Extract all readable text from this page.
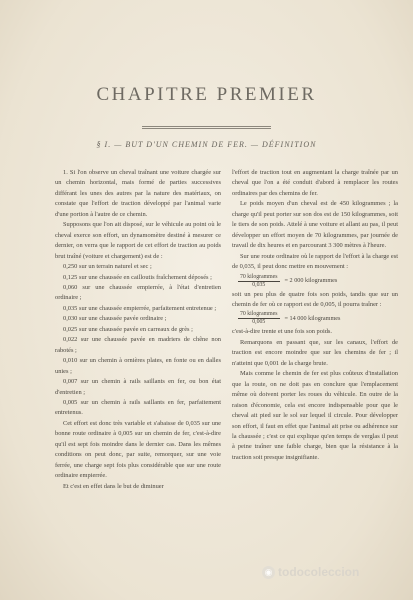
CHAPITRE PREMIER
§ I. — BUT D'UN CHEMIN DE FER. — DÉFINITION

1. Si l'on observe un cheval traînant une voiture chargée sur un chemin horizontal, mais formé de parties successives différant les unes des autres par la nature des matériaux, on constate que l'effort de traction développé par l'animal varie d'une portion à l'autre de ce chemin.

Supposons que l'on ait disposé, sur le véhicule au point où le cheval exerce son effort, un dynamomètre destiné à mesurer ce dernier, on verra que le rapport de cet effort de traction au poids brut traîné (voiture et chargement) est de :

0,250 sur un terrain naturel et sec ;

0,125 sur une chaussée en cailloutis fraîchement déposés ;

0,060 sur une chaussée empierrée, à l'état d'entretien ordinaire ;

0,035 sur une chaussée empierrée, parfaitement entretenue ;

0,030 sur une chaussée pavée ordinaire ;

0,025 sur une chaussée pavée en carreaux de grès ;

0,022 sur une chaussée pavée en madriers de chêne non rabotés ;

0,010 sur un chemin à ornières plates, en fonte ou en dalles unies ;

0,007 sur un chemin à rails saillants en fer, ou bon état d'entretien ;

0,005 sur un chemin à rails saillants en fer, parfaitement entretenus.

Cet effort est donc très variable et s'abaisse de 0,035 sur une bonne route ordinaire à 0,005 sur un chemin de fer, c'est-à-dire qu'il est sept fois moindre dans le dernier cas. Dans les mêmes conditions on peut donc, par suite, remorquer, sur une voie ferrée, une charge sept fois plus considérable que sur une route ordinaire empierrée.

Et c'est en effet dans le but de diminuer

l'effort de traction tout en augmentant la charge traînée par un cheval que l'on a été conduit d'abord à remplacer les routes ordinaires par des chemins de fer.

Le poids moyen d'un cheval est de 450 kilogrammes ; la charge qu'il peut porter sur son dos est de 150 kilogrammes, soit le tiers de son poids. Attelé à une voiture et allant au pas, il peut développer un effort moyen de 70 kilogrammes, par journée de travail de dix heures et en parcourant 3 300 mètres à l'heure.

Sur une route ordinaire où le rapport de l'effort à la charge est de 0,035, il peut donc mettre en mouvement :

$\frac{\text{70 kilogrammes}}{0,035} = 2$ 000 kilogrammes

soit un peu plus de quatre fois son poids, tandis que sur un chemin de fer où ce rapport est de 0,005, il pourra traîner :

$\frac{\text{70 kilogrammes}}{0,005} = 14$ 000 kilogrammes

c'est-à-dire trente et une fois son poids.

Remarquons en passant que, sur les canaux, l'effort de traction est encore moindre que sur les chemins de fer ; il n'atteint que 0,001 de la charge brute.

Mais comme le chemin de fer est plus coûteux d'installation que la route, on ne doit pas en conclure que l'emplacement même où doivent porter les roues du véhicule. En outre de la raison d'économie, cela est encore indispensable pour que le cheval ait pied sur le sol sur lequel il circule. Pour développer son effort, il faut en effet que l'animal ait prise ou adhérence sur la chaussée ; c'est ce qui explique qu'en temps de verglas il peut à peine traîner une faible charge, bien que la résistance à la traction soit presque insignifiante.

◉ todocoleccion
